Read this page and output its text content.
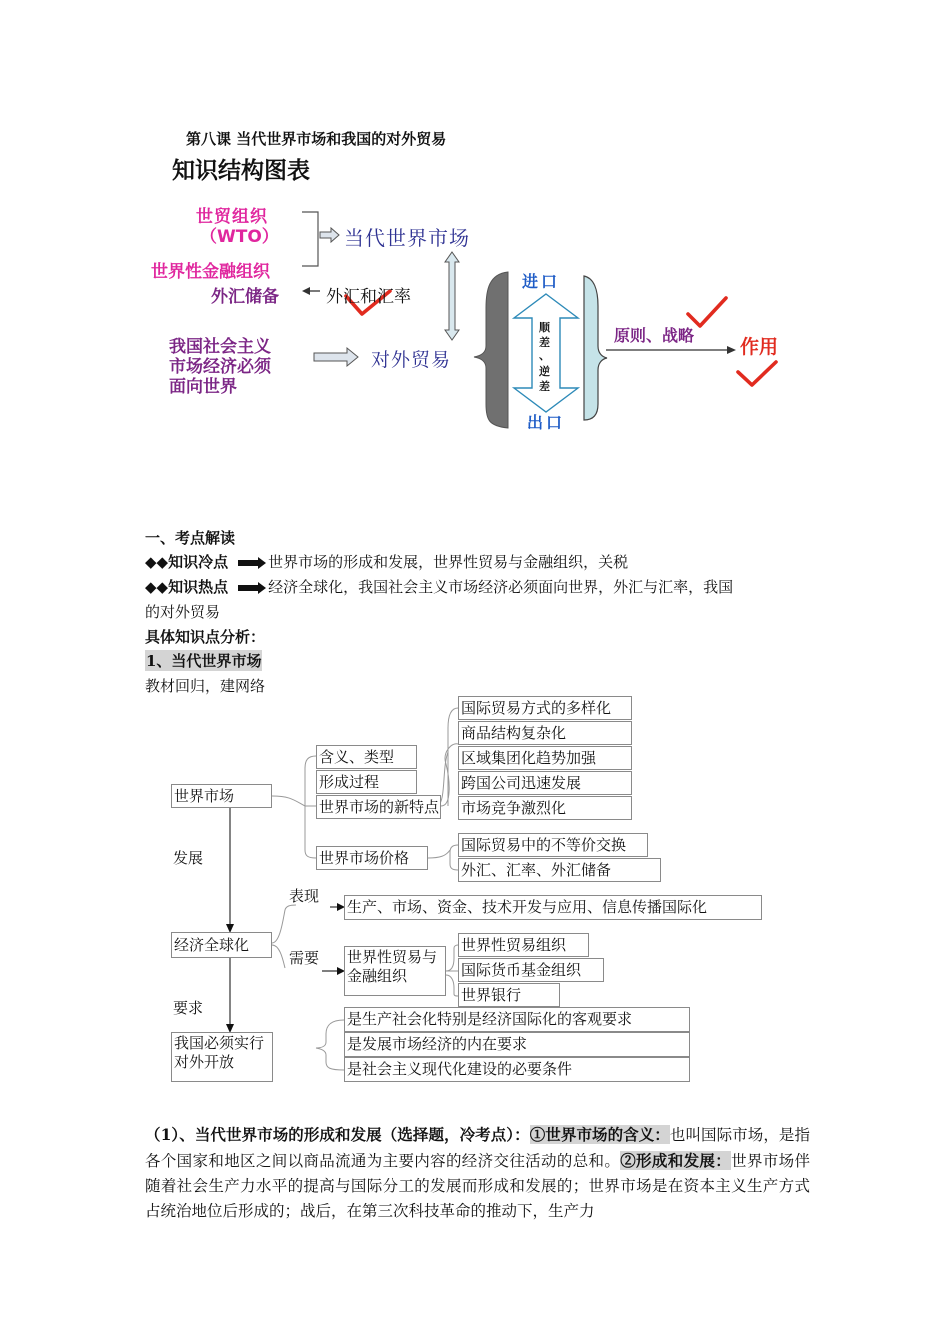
第八课 当代世界市场和我国的对外贸易
知识结构图表
世贸组织
（WTO）
世界性金融组织
当代世界市场
外汇储备	外汇和汇率
我国社会主义
市场经济必须
面向世界
对外贸易
进口
出口
顺
差
、
逆
差
原则、战略
作用
一、考点解读
◆◆知识冷点	世界市场的形成和发展，世界性贸易与金融组织，关税
◆◆知识热点	经济全球化，我国社会主义市场经济必须面向世界，外汇与汇率，我国
的对外贸易
具体知识点分析：
1、当代世界市场
教材回归，建网络
世界市场
含义、类型
形成过程
世界市场的新特点
国际贸易方式的多样化
商品结构复杂化
区域集团化趋势加强
跨国公司迅速发展
市场竞争激烈化
世界市场价格
国际贸易中的不等价交换
外汇、汇率、外汇储备
发展
经济全球化
表现
生产、市场、资金、技术开发与应用、信息传播国际化
需要 世界性贸易与
金融组织
世界性贸易组织
国际货币基金组织
世界银行
要求
我国必须实行
对外开放
是生产社会化特别是经济国际化的客观要求
是发展市场经济的内在要求
是社会主义现代化建设的必要条件
（1）、当代世界市场的形成和发展（选择题，冷考点）：①世界市场的含义：也叫国际市场，是指各个国家和地区之间以商品流通为主要内容的经济交往活动的总和。②形成和发展：世界市场伴随着社会生产力水平的提高与国际分工的发展而形成和发展的；世界市场是在资本主义生产方式占统治地位后形成的；战后，在第三次科技革命的推动下，生产力
